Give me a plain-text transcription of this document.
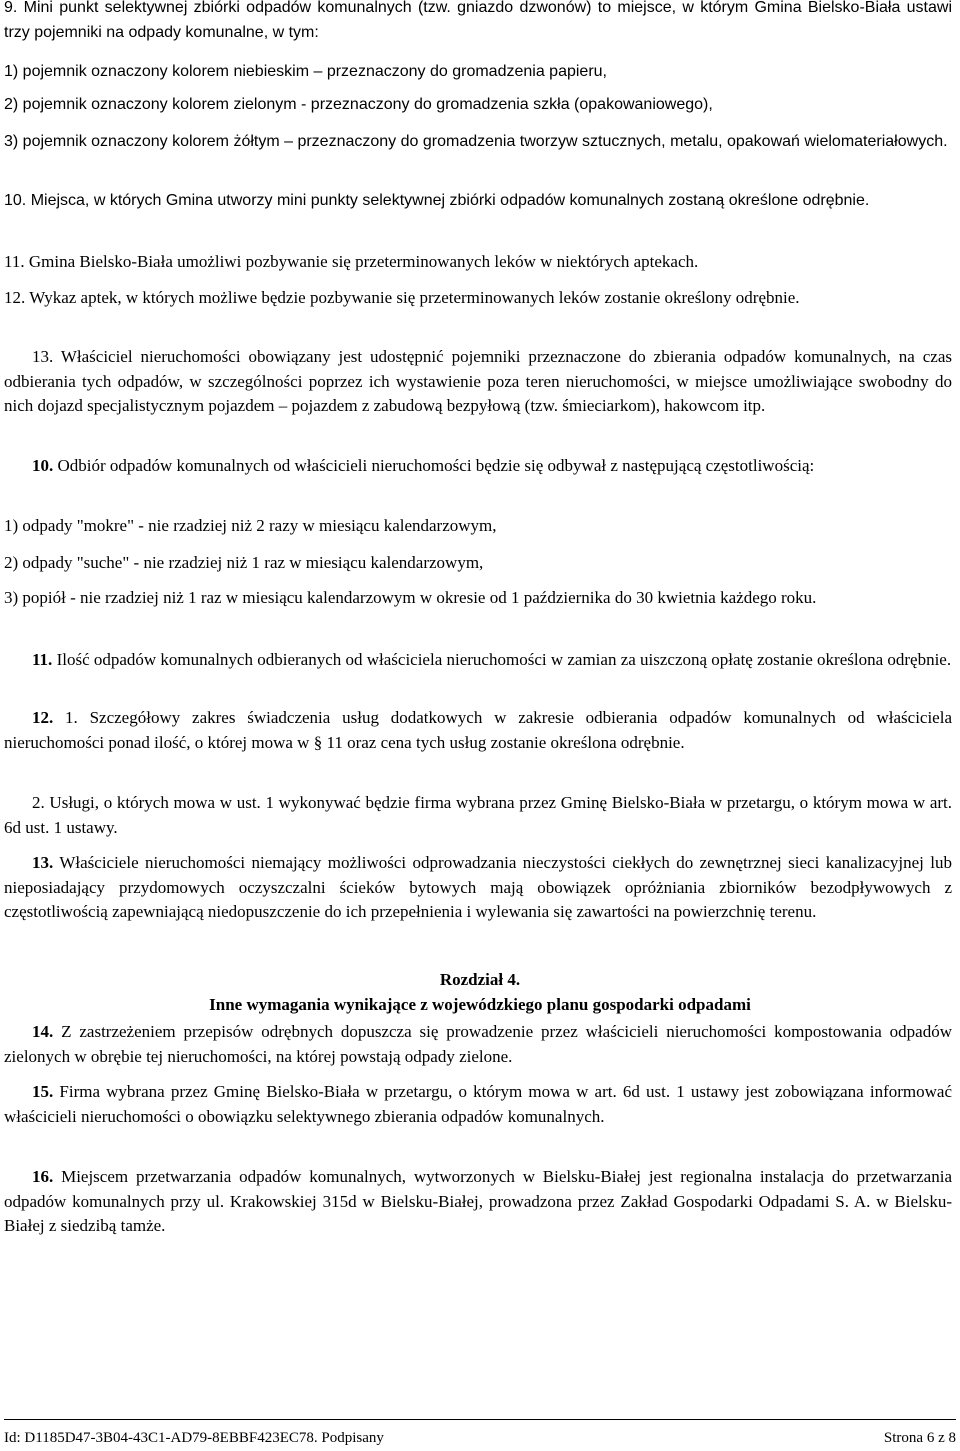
9. Mini punkt selektywnej zbiórki odpadów komunalnych (tzw. gniazdo dzwonów) to miejsce, w którym Gmina Bielsko-Biała ustawi trzy pojemniki na odpady komunalne, w tym:

1) pojemnik oznaczony kolorem niebieskim – przeznaczony do gromadzenia papieru,

2) pojemnik oznaczony kolorem zielonym - przeznaczony do gromadzenia szkła (opakowaniowego),

3) pojemnik oznaczony kolorem żółtym – przeznaczony do gromadzenia tworzyw sztucznych, metalu, opakowań wielomateriałowych.

10. Miejsca, w których Gmina utworzy mini punkty selektywnej zbiórki odpadów komunalnych zostaną określone odrębnie.

11. Gmina Bielsko-Biała umożliwi pozbywanie się przeterminowanych leków w niektórych aptekach.

12. Wykaz aptek, w których możliwe będzie pozbywanie się przeterminowanych leków zostanie określony odrębnie.

13. Właściciel nieruchomości obowiązany jest udostępnić pojemniki przeznaczone do zbierania odpadów komunalnych, na czas odbierania tych odpadów, w szczególności poprzez ich wystawienie poza teren nieruchomości, w miejsce umożliwiające swobodny do nich dojazd specjalistycznym pojazdem – pojazdem z zabudową bezpyłową (tzw. śmieciarkom), hakowcom itp.

10. Odbiór odpadów komunalnych od właścicieli nieruchomości będzie się odbywał z następującą częstotliwością:

1) odpady "mokre" - nie rzadziej niż 2 razy w miesiącu kalendarzowym,

2) odpady "suche" - nie rzadziej niż 1 raz w miesiącu kalendarzowym,

3) popiół - nie rzadziej niż 1 raz w miesiącu kalendarzowym w okresie od 1 października do 30 kwietnia każdego roku.

11. Ilość odpadów komunalnych odbieranych od właściciela nieruchomości w zamian za uiszczoną opłatę zostanie określona odrębnie.

12. 1. Szczegółowy zakres świadczenia usług dodatkowych w zakresie odbierania odpadów komunalnych od właściciela nieruchomości ponad ilość, o której mowa w § 11 oraz cena tych usług zostanie określona odrębnie.

2. Usługi, o których mowa w ust. 1 wykonywać będzie firma wybrana przez Gminę Bielsko-Biała w przetargu, o którym mowa w art. 6d ust. 1 ustawy.

13. Właściciele nieruchomości niemający możliwości odprowadzania nieczystości ciekłych do zewnętrznej sieci kanalizacyjnej lub nieposiadający przydomowych oczyszczalni ścieków bytowych mają obowiązek opróżniania zbiorników bezodpływowych z częstotliwością zapewniającą niedopuszczenie do ich przepełnienia i wylewania się zawartości na powierzchnię terenu.

Rozdział 4.

Inne wymagania wynikające z wojewódzkiego planu gospodarki odpadami

14. Z zastrzeżeniem przepisów odrębnych dopuszcza się prowadzenie przez właścicieli nieruchomości kompostowania odpadów zielonych w obrębie tej nieruchomości, na której powstają odpady zielone.

15. Firma wybrana przez Gminę Bielsko-Biała w przetargu, o którym mowa w art. 6d ust. 1 ustawy jest zobowiązana informować właścicieli nieruchomości o obowiązku selektywnego zbierania odpadów komunalnych.

16. Miejscem przetwarzania odpadów komunalnych, wytworzonych w Bielsku-Białej jest regionalna instalacja do przetwarzania odpadów komunalnych przy ul. Krakowskiej 315d w Bielsku-Białej, prowadzona przez Zakład Gospodarki Odpadami S. A. w Bielsku-Białej z siedzibą tamże.

Id: D1185D47-3B04-43C1-AD79-8EBBF423EC78. Podpisany	Strona 6 z 8
